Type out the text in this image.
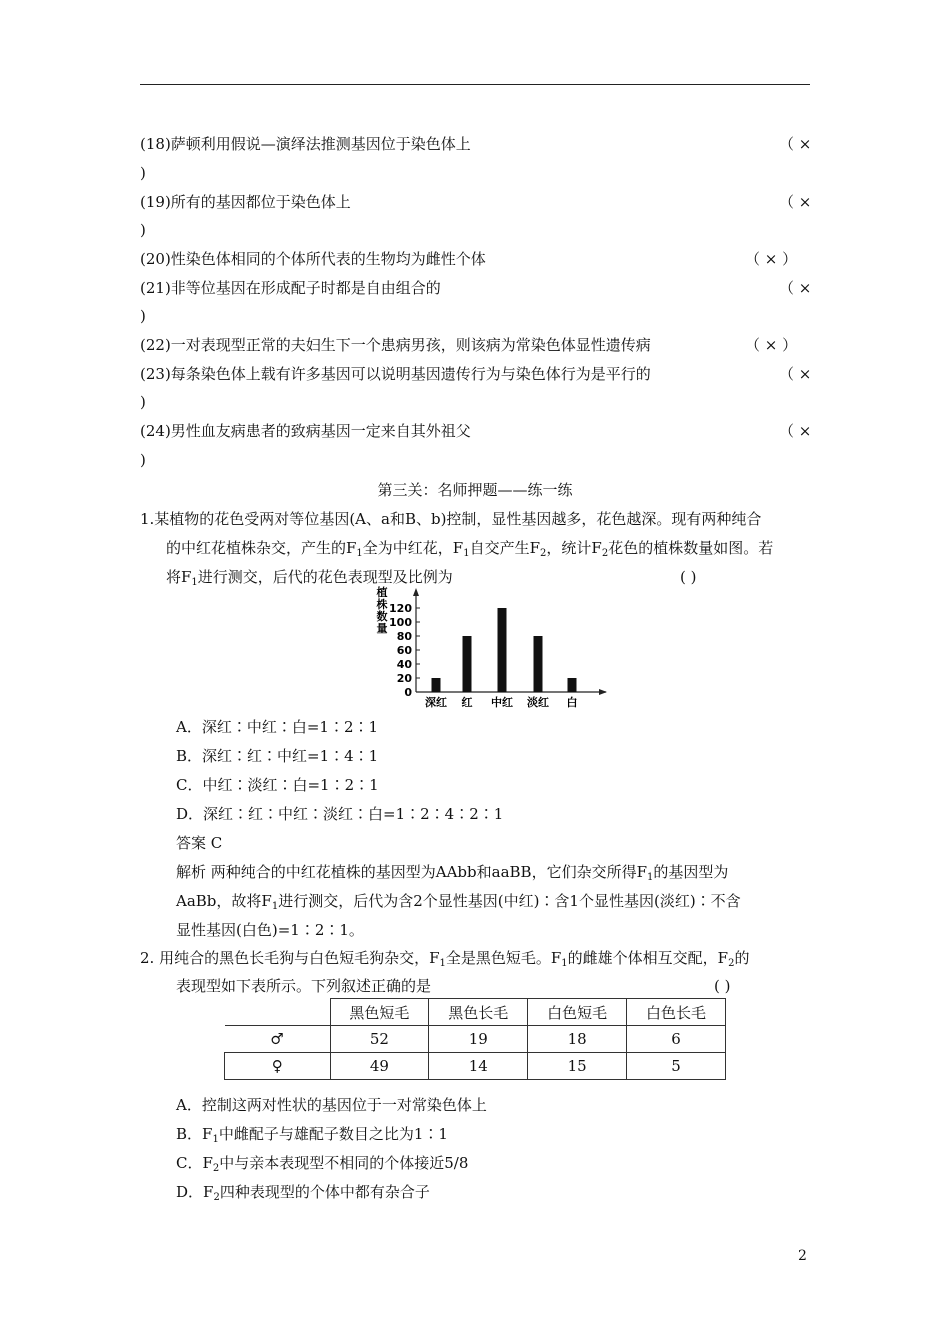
(18)萨顿利用假说—演绎法推测基因位于染色体上	（ ×
)
(19)所有的基因都位于染色体上	（ ×
)
(20)性染色体相同的个体所代表的生物均为雌性个体	（ × ）
(21)非等位基因在形成配子时都是自由组合的	（ ×
)
(22)一对表现型正常的夫妇生下一个患病男孩，则该病为常染色体显性遗传病	（ × ）
(23)每条染色体上载有许多基因可以说明基因遗传行为与染色体行为是平行的	（ ×
)
(24)男性血友病患者的致病基因一定来自其外祖父	（ ×
)
第三关：名师押题——练一练
1.某植物的花色受两对等位基因(A、a和B、b)控制，显性基因越多，花色越深。现有两种纯合
的中红花植株杂交，产生的$F_1$全为中红花，$F_1$自交产生$F_2$，统计$F_2$花色的植株数量如图。若
将$F_1$进行测交，后代的花色表现型及比例为	( )
植
株
数
量
0
20
40
60
80
100
120
深红 红 中红 淡红 白
A．深红∶中红∶白=1∶2∶1
B．深红∶红∶中红=1∶4∶1
C．中红∶淡红∶白=1∶2∶1
D．深红∶红∶中红∶淡红∶白=1∶2∶4∶2∶1
答案 C
解析 两种纯合的中红花植株的基因型为AAbb和aaBB，它们杂交所得$F_1$的基因型为
AaBb，故将$F_1$进行测交，后代为含2个显性基因(中红)∶含1个显性基因(淡红)∶不含
显性基因(白色)=1∶2∶1。
2. 用纯合的黑色长毛狗与白色短毛狗杂交，$F_1$全是黑色短毛。$F_1$的雌雄个体相互交配，$F_2$的
表现型如下表所示。下列叙述正确的是	( )
	黑色短毛	黑色长毛	白色短毛	白色长毛
♂	52	19	18	6
♀	49	14	15	5
A．控制这两对性状的基因位于一对常染色体上
B．$F_1$中雌配子与雄配子数目之比为1∶1
C．$F_2$中与亲本表现型不相同的个体接近5/8
D．$F_2$四种表现型的个体中都有杂合子
2
